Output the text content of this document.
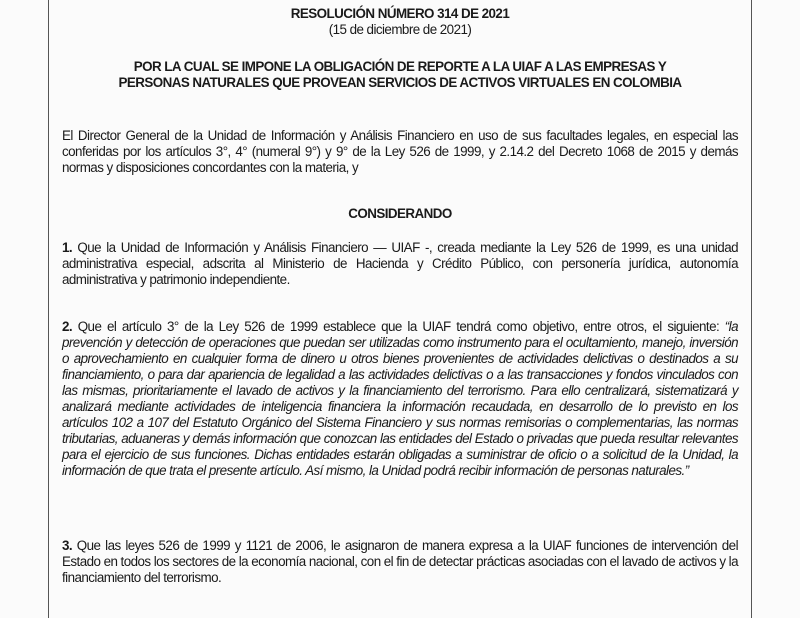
RESOLUCIÓN NÚMERO 314 DE 2021
(15 de diciembre de 2021)
POR LA CUAL SE IMPONE LA OBLIGACIÓN DE REPORTE A LA UIAF A LAS EMPRESAS Y PERSONAS NATURALES QUE PROVEAN SERVICIOS DE ACTIVOS VIRTUALES EN COLOMBIA

El Director General de la Unidad de Información y Análisis Financiero en uso de sus facultades legales, en especial las conferidas por los artículos 3°, 4° (numeral 9°) y 9° de la Ley 526 de 1999, y 2.14.2 del Decreto 1068 de 2015 y demás normas y disposiciones concordantes con la materia, y

CONSIDERANDO

1. Que la Unidad de Información y Análisis Financiero — UIAF -, creada mediante la Ley 526 de 1999, es una unidad administrativa especial, adscrita al Ministerio de Hacienda y Crédito Público, con personería jurídica, autonomía administrativa y patrimonio independiente.

2. Que el artículo 3° de la Ley 526 de 1999 establece que la UIAF tendrá como objetivo, entre otros, el siguiente: “la prevención y detección de operaciones que puedan ser utilizadas como instrumento para el ocultamiento, manejo, inversión o aprovechamiento en cualquier forma de dinero u otros bienes provenientes de actividades delictivas o destinados a su financiamiento, o para dar apariencia de legalidad a las actividades delictivas o a las transacciones y fondos vinculados con las mismas, prioritariamente el lavado de activos y la financiamiento del terrorismo. Para ello centralizará, sistematizará y analizará mediante actividades de inteligencia financiera la información recaudada, en desarrollo de lo previsto en los artículos 102 a 107 del Estatuto Orgánico del Sistema Financiero y sus normas remisorias o complementarias, las normas tributarias, aduaneras y demás información que conozcan las entidades del Estado o privadas que pueda resultar relevantes para el ejercicio de sus funciones. Dichas entidades estarán obligadas a suministrar de oficio o a solicitud de la Unidad, la información de que trata el presente artículo. Así mismo, la Unidad podrá recibir información de personas naturales.”

3. Que las leyes 526 de 1999 y 1121 de 2006, le asignaron de manera expresa a la UIAF funciones de intervención del Estado en todos los sectores de la economía nacional, con el fin de detectar prácticas asociadas con el lavado de activos y la financiamiento del terrorismo.
